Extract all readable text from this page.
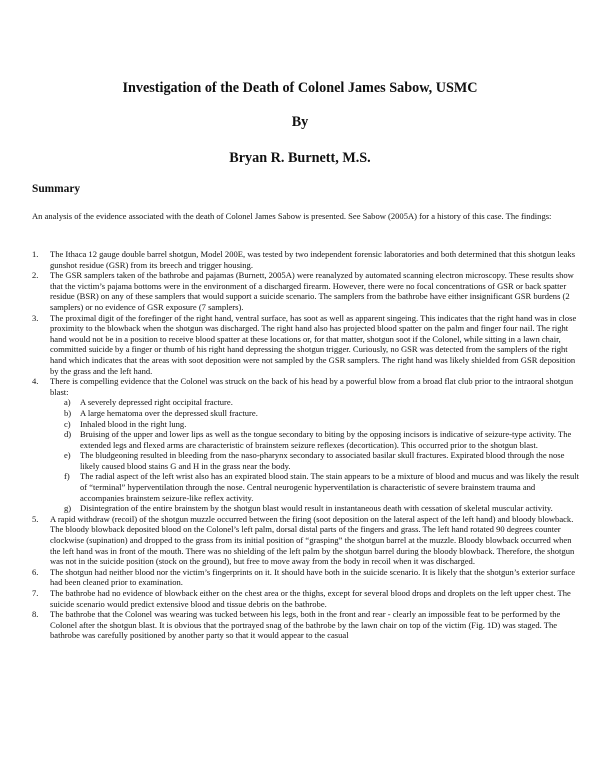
Investigation of the Death of Colonel James Sabow, USMC
By
Bryan R. Burnett, M.S.
Summary

An analysis of the evidence associated with the death of Colonel James Sabow is presented. See Sabow (2005A) for a history of this case. The findings:

1.	The Ithaca 12 gauge double barrel shotgun, Model 200E, was tested by two independent forensic laboratories and both determined that this shotgun leaks gunshot residue (GSR) from its breech and trigger housing.

2.	The GSR samplers taken of the bathrobe and pajamas (Burnett, 2005A) were reanalyzed by automated scanning electron microscopy. These results show that the victim’s pajama bottoms were in the environment of a discharged firearm. However, there were no focal concentrations of GSR or back spatter residue (BSR) on any of these samplers that would support a suicide scenario. The samplers from the bathrobe have either insignificant GSR burdens (2 samplers) or no evidence of GSR exposure (7 samplers).

3.	The proximal digit of the forefinger of the right hand, ventral surface, has soot as well as apparent singeing. This indicates that the right hand was in close proximity to the blowback when the shotgun was discharged. The right hand also has projected blood spatter on the palm and finger four nail. The right hand would not be in a position to receive blood spatter at these locations or, for that matter, shotgun soot if the Colonel, while sitting in a lawn chair, committed suicide by a finger or thumb of his right hand depressing the shotgun trigger. Curiously, no GSR was detected from the samplers of the right hand which indicates that the areas with soot deposition were not sampled by the GSR samplers. The right hand was likely shielded from GSR deposition by the grass and the left hand.

4.	There is compelling evidence that the Colonel was struck on the back of his head by a powerful blow from a broad flat club prior to the intraoral shotgun blast:

a) A severely depressed right occipital fracture.
b) A large hematoma over the depressed skull fracture.
c) Inhaled blood in the right lung.
d) Bruising of the upper and lower lips as well as the tongue secondary to biting by the opposing incisors is indicative of seizure-type activity. The extended legs and flexed arms are characteristic of brainstem seizure reflexes (decortication). This occurred prior to the shotgun blast.
e) The bludgeoning resulted in bleeding from the naso-pharynx secondary to associated basilar skull fractures. Expirated blood through the nose likely caused blood stains G and H in the grass near the body.
f) The radial aspect of the left wrist also has an expirated blood stain. The stain appears to be a mixture of blood and mucus and was likely the result of “terminal” hyperventilation through the nose. Central neurogenic hyperventilation is characteristic of severe brainstem trauma and accompanies brainstem seizure-like reflex activity.
g) Disintegration of the entire brainstem by the shotgun blast would result in instantaneous death with cessation of skeletal muscular activity.
5.	A rapid withdraw (recoil) of the shotgun muzzle occurred between the firing (soot deposition on the lateral aspect of the left hand) and bloody blowback. The bloody blowback deposited blood on the Colonel’s left palm, dorsal distal parts of the fingers and grass. The left hand rotated 90 degrees counter clockwise (supination) and dropped to the grass from its initial position of “grasping” the shotgun barrel at the muzzle. Bloody blowback occurred when the left hand was in front of the mouth. There was no shielding of the left palm by the shotgun barrel during the bloody blowback. Therefore, the shotgun was not in the suicide position (stock on the ground), but free to move away from the body in recoil when it was discharged.

6.	The shotgun had neither blood nor the victim’s fingerprints on it. It should have both in the suicide scenario. It is likely that the shotgun’s exterior surface had been cleaned prior to examination.

7.	The bathrobe had no evidence of blowback either on the chest area or the thighs, except for several blood drops and droplets on the left upper chest. The suicide scenario would predict extensive blood and tissue debris on the bathrobe.

8.	The bathrobe that the Colonel was wearing was tucked between his legs, both in the front and rear - clearly an impossible feat to be performed by the Colonel after the shotgun blast. It is obvious that the portrayed snag of the bathrobe by the lawn chair on top of the victim (Fig. 1D) was staged. The bathrobe was carefully positioned by another party so that it would appear to the casual
